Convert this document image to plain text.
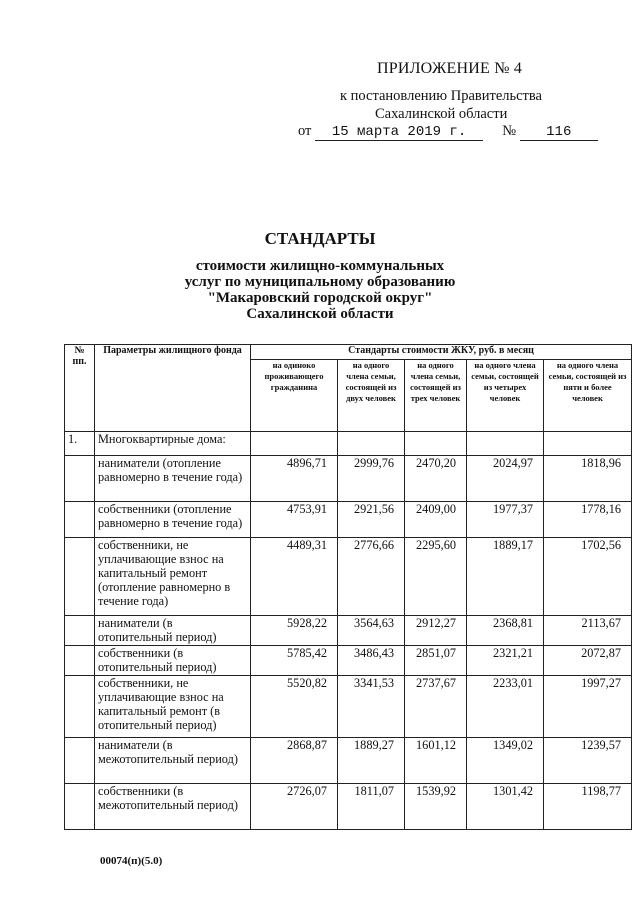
ПРИЛОЖЕНИЕ № 4
к постановлению Правительства
Сахалинской области
от 15 марта 2019 г. № 116
СТАНДАРТЫ
стоимости жилищно-коммунальных
услуг по муниципальному образованию
"Макаровский городской округ"
Сахалинской области
№ пп.	Параметры жилищного фонда	Стандарты стоимости ЖКУ, руб. в месяц				
		на одиноко проживающего гражданина	на одного члена семьи, состоящей из двух человек	на одного члена семьи, состоящей из трех человек	на одного члена семьи, состоящей из четырех человек	на одного члена семьи, состоящей из пяти и более человек
1.	Многоквартирные дома:					
	наниматели (отопление равномерно в течение года)	4896,71	2999,76	2470,20	2024,97	1818,96
	собственники (отопление равномерно в течение года)	4753,91	2921,56	2409,00	1977,37	1778,16
	собственники, не уплачивающие взнос на капитальный ремонт (отопление равномерно в течение года)	4489,31	2776,66	2295,60	1889,17	1702,56
	наниматели (в отопительный период)	5928,22	3564,63	2912,27	2368,81	2113,67
	собственники (в отопительный период)	5785,42	3486,43	2851,07	2321,21	2072,87
	собственники, не уплачивающие взнос на капитальный ремонт (в отопительный период)	5520,82	3341,53	2737,67	2233,01	1997,27
	наниматели (в межотопительный период)	2868,87	1889,27	1601,12	1349,02	1239,57
	собственники (в межотопительный период)	2726,07	1811,07	1539,92	1301,42	1198,77
00074(п)(5.0)
